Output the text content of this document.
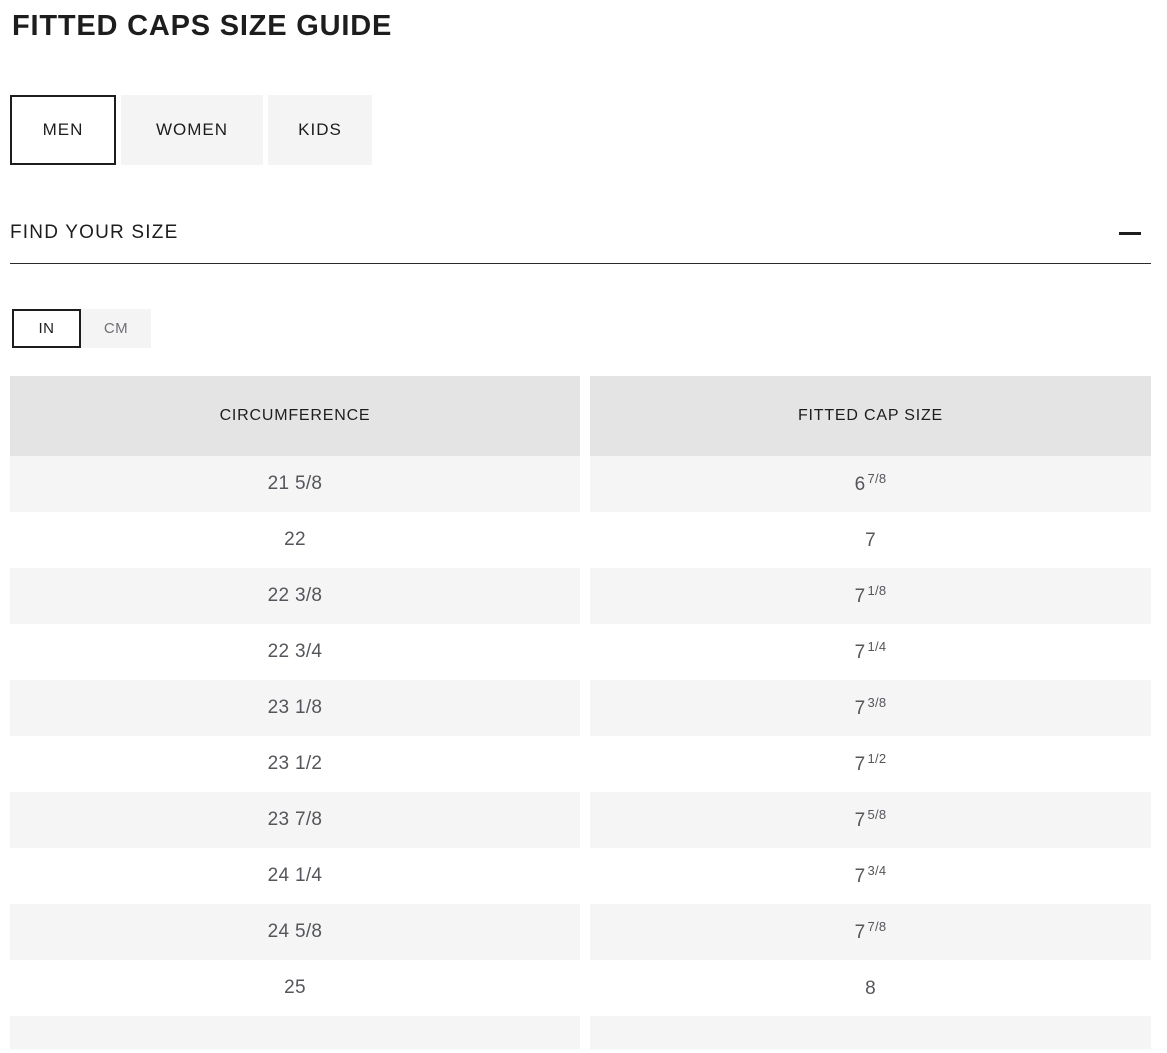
FITTED CAPS SIZE GUIDE
MEN	WOMEN	KIDS
FIND YOUR SIZE
IN	CM
CIRCUMFERENCE	FITTED CAP SIZE
21 5/8	6 7/8
22	7
22 3/8	7 1/8
22 3/4	7 1/4
23 1/8	7 3/8
23 1/2	7 1/2
23 7/8	7 5/8
24 1/4	7 3/4
24 5/8	7 7/8
25	8
